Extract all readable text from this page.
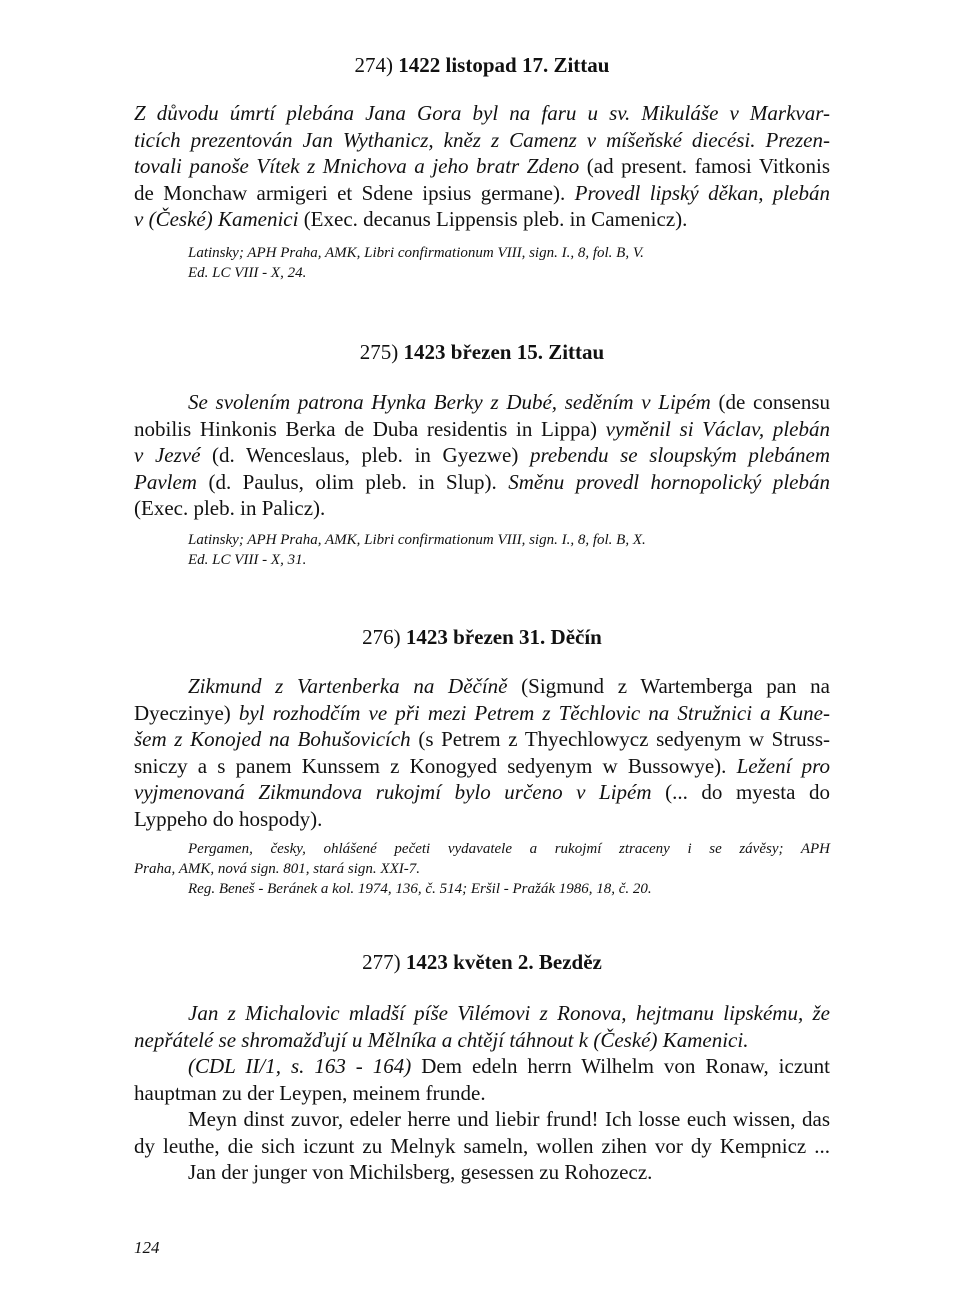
274) 1422 listopad 17. Zittau
Z důvodu úmrtí plebána Jana Gora byl na faru u sv. Mikuláše v Markvar-
ticích prezentován Jan Wythanicz, kněz z Camenz v míšeňské diecési. Prezen-
tovali panoše Vítek z Mnichova a jeho bratr Zdeno (ad present. famosi Vitkonis
de Monchaw armigeri et Sdene ipsius germane). Provedl lipský děkan, plebán
v (České) Kamenici (Exec. decanus Lippensis pleb. in Camenicz).
Latinsky; APH Praha, AMK, Libri confirmationum VIII, sign. I., 8, fol. B, V.
Ed. LC VIII - X, 24.
275) 1423 březen 15. Zittau
Se svolením patrona Hynka Berky z Dubé, seděním v Lipém (de consensu
nobilis Hinkonis Berka de Duba residentis in Lippa) vyměnil si Václav, plebán
v Jezvé (d. Wenceslaus, pleb. in Gyezwe) prebendu se sloupským plebánem
Pavlem (d. Paulus, olim pleb. in Slup). Směnu provedl hornopolický plebán
(Exec. pleb. in Palicz).
Latinsky; APH Praha, AMK, Libri confirmationum VIII, sign. I., 8, fol. B, X.
Ed. LC VIII - X, 31.
276) 1423 březen 31. Děčín
Zikmund z Vartenberka na Děčíně (Sigmund z Wartemberga pan na
Dyeczinye) byl rozhodčím ve při mezi Petrem z Těchlovic na Stružnici a Kune-
šem z Konojed na Bohušovicích (s Petrem z Thyechlowycz sedyenym w Struss-
sniczy a s panem Kunssem z Konogyed sedyenym w Bussowye). Ležení pro
vyjmenovaná Zikmundova rukojmí bylo určeno v Lipém (... do myesta do
Lyppeho do hospody).
Pergamen, česky, ohlášené pečeti vydavatele a rukojmí ztraceny i se závěsy; APH
Praha, AMK, nová sign. 801, stará sign. XXI-7.
Reg. Beneš - Beránek a kol. 1974, 136, č. 514; Eršil - Pražák 1986, 18, č. 20.
277) 1423 květen 2. Bezděz
Jan z Michalovic mladší píše Vilémovi z Ronova, hejtmanu lipskému, že
nepřátelé se shromažďují u Mělníka a chtějí táhnout k (České) Kamenici.
(CDL II/1, s. 163 - 164) Dem edeln herrn Wilhelm von Ronaw, iczunt
hauptman zu der Leypen, meinem frunde.
Meyn dinst zuvor, edeler herre und liebir frund! Ich losse euch wissen, das
dy leuthe, die sich iczunt zu Melnyk sameln, wollen zihen vor dy Kempnicz ...
Jan der junger von Michilsberg, gesessen zu Rohozecz.
124
